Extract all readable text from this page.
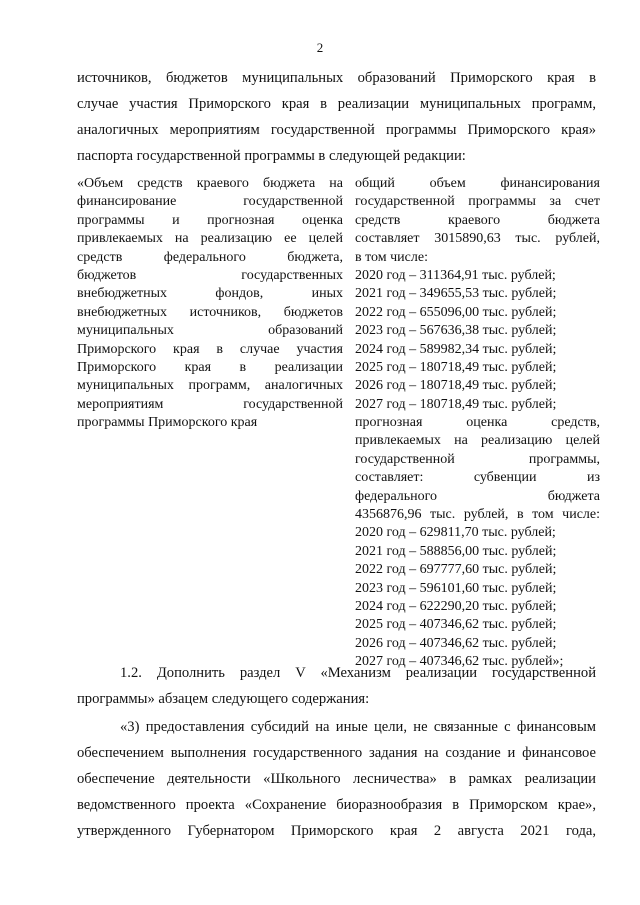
2
источников, бюджетов муниципальных образований Приморского края в
случае участия Приморского края в реализации муниципальных программ,
аналогичных мероприятиям государственной программы Приморского края»
паспорта государственной программы в следующей редакции:
«Объем средств краевого бюджета на
финансирование государственной
программы и прогнозная оценка
привлекаемых на реализацию ее целей
средств федерального бюджета,
бюджетов государственных
внебюджетных фондов, иных
внебюджетных источников, бюджетов
муниципальных образований
Приморского края в случае участия
Приморского края в реализации
муниципальных программ, аналогичных
мероприятиям государственной
программы Приморского края
общий объем финансирования
государственной программы за счет
средств краевого бюджета
составляет 3015890,63 тыс. рублей,
в том числе:
2020 год – 311364,91 тыс. рублей;
2021 год – 349655,53 тыс. рублей;
2022 год – 655096,00 тыс. рублей;
2023 год – 567636,38 тыс. рублей;
2024 год – 589982,34 тыс. рублей;
2025 год – 180718,49 тыс. рублей;
2026 год – 180718,49 тыс. рублей;
2027 год – 180718,49 тыс. рублей;
прогнозная оценка средств,
привлекаемых на реализацию целей
государственной программы,
составляет: субвенции из
федерального бюджета
4356876,96 тыс. рублей, в том числе:
2020 год – 629811,70 тыс. рублей;
2021 год – 588856,00 тыс. рублей;
2022 год – 697777,60 тыс. рублей;
2023 год – 596101,60 тыс. рублей;
2024 год – 622290,20 тыс. рублей;
2025 год – 407346,62 тыс. рублей;
2026 год – 407346,62 тыс. рублей;
2027 год – 407346,62 тыс. рублей»;
1.2. Дополнить раздел V «Механизм реализации государственной
программы» абзацем следующего содержания:
«3) предоставления субсидий на иные цели, не связанные с финансовым
обеспечением выполнения государственного задания на создание и финансовое
обеспечение деятельности «Школьного лесничества» в рамках реализации
ведомственного проекта «Сохранение биоразнообразия в Приморском крае»,
утвержденного Губернатором Приморского края 2 августа 2021 года,
